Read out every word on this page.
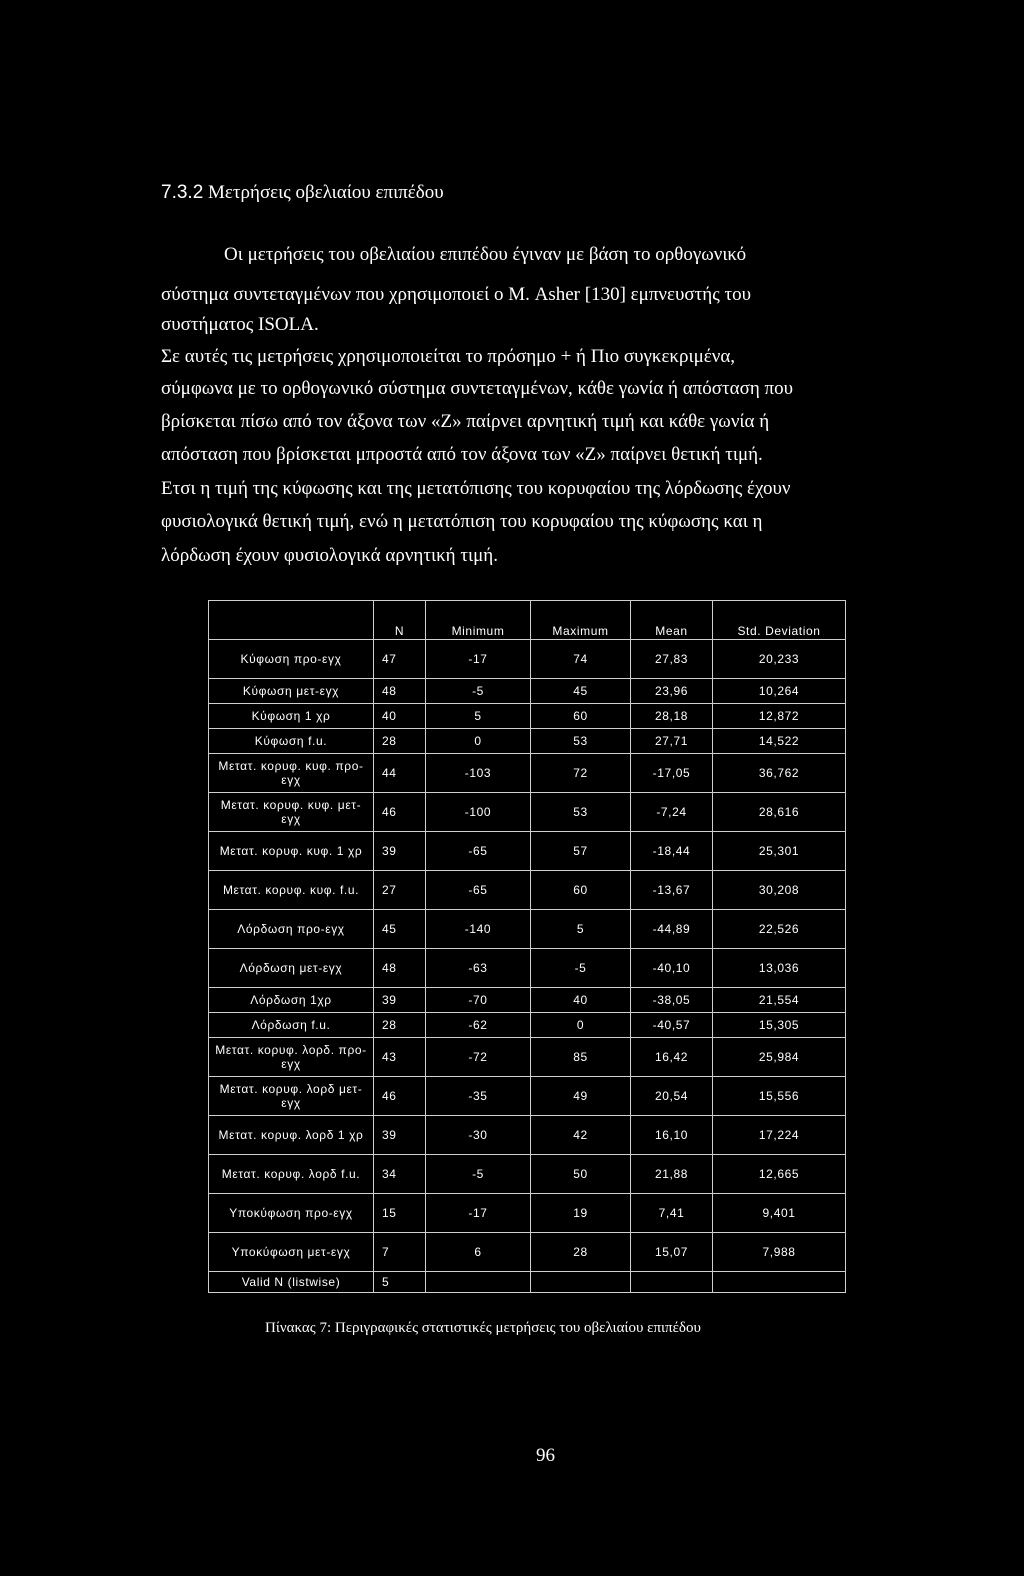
7.3.2 Μετρήσεις οβελιαίου επιπέδου
Οι μετρήσεις του οβελιαίου επιπέδου έγιναν με βάση το ορθογωνικό
σύστημα συντεταγμένων που χρησιμοποιεί ο Μ. Asher [130] εμπνευστής του
συστήματος ISOLA.
Σε αυτές τις μετρήσεις χρησιμοποιείται το πρόσημο + ή Πιο συγκεκριμένα,
σύμφωνα με το ορθογωνικό σύστημα συντεταγμένων, κάθε γωνία ή απόσταση που
βρίσκεται πίσω από τον άξονα των «Ζ» παίρνει αρνητική τιμή και κάθε γωνία ή
απόσταση που βρίσκεται μπροστά από τον άξονα των «Ζ» παίρνει θετική τιμή.
Ετσι η τιμή της κύφωσης και της μετατόπισης του κορυφαίου της λόρδωσης έχουν
φυσιολογικά θετική τιμή, ενώ η μετατόπιση του κορυφαίου της κύφωσης και η
λόρδωση έχουν φυσιολογικά αρνητική τιμή.
	N	Minimum	Maximum	Mean	Std. Deviation
Κύφωση προ-εγχ	47	-17	74	27,83	20,233
Κύφωση μετ-εγχ	48	-5	45	23,96	10,264
Κύφωση 1 χρ	40	5	60	28,18	12,872
Κύφωση f.u.	28	0	53	27,71	14,522
Μετατ. κορυφ. κυφ. προ-εγχ	44	-103	72	-17,05	36,762
Μετατ. κορυφ. κυφ. μετ-εγχ	46	-100	53	-7,24	28,616
Μετατ. κορυφ. κυφ. 1 χρ	39	-65	57	-18,44	25,301
Μετατ. κορυφ. κυφ. f.u.	27	-65	60	-13,67	30,208
Λόρδωση προ-εγχ	45	-140	5	-44,89	22,526
Λόρδωση μετ-εγχ	48	-63	-5	-40,10	13,036
Λόρδωση 1χρ	39	-70	40	-38,05	21,554
Λόρδωση f.u.	28	-62	0	-40,57	15,305
Μετατ. κορυφ. λορδ. προ-εγχ	43	-72	85	16,42	25,984
Μετατ. κορυφ. λορδ μετ-εγχ	46	-35	49	20,54	15,556
Μετατ. κορυφ. λορδ 1 χρ	39	-30	42	16,10	17,224
Μετατ. κορυφ. λορδ f.u.	34	-5	50	21,88	12,665
Υποκύφωση προ-εγχ	15	-17	19	7,41	9,401
Υποκύφωση μετ-εγχ	7	6	28	15,07	7,988
Valid N (listwise)	5				
Πίνακας 7: Περιγραφικές στατιστικές μετρήσεις του οβελιαίου επιπέδου
96
